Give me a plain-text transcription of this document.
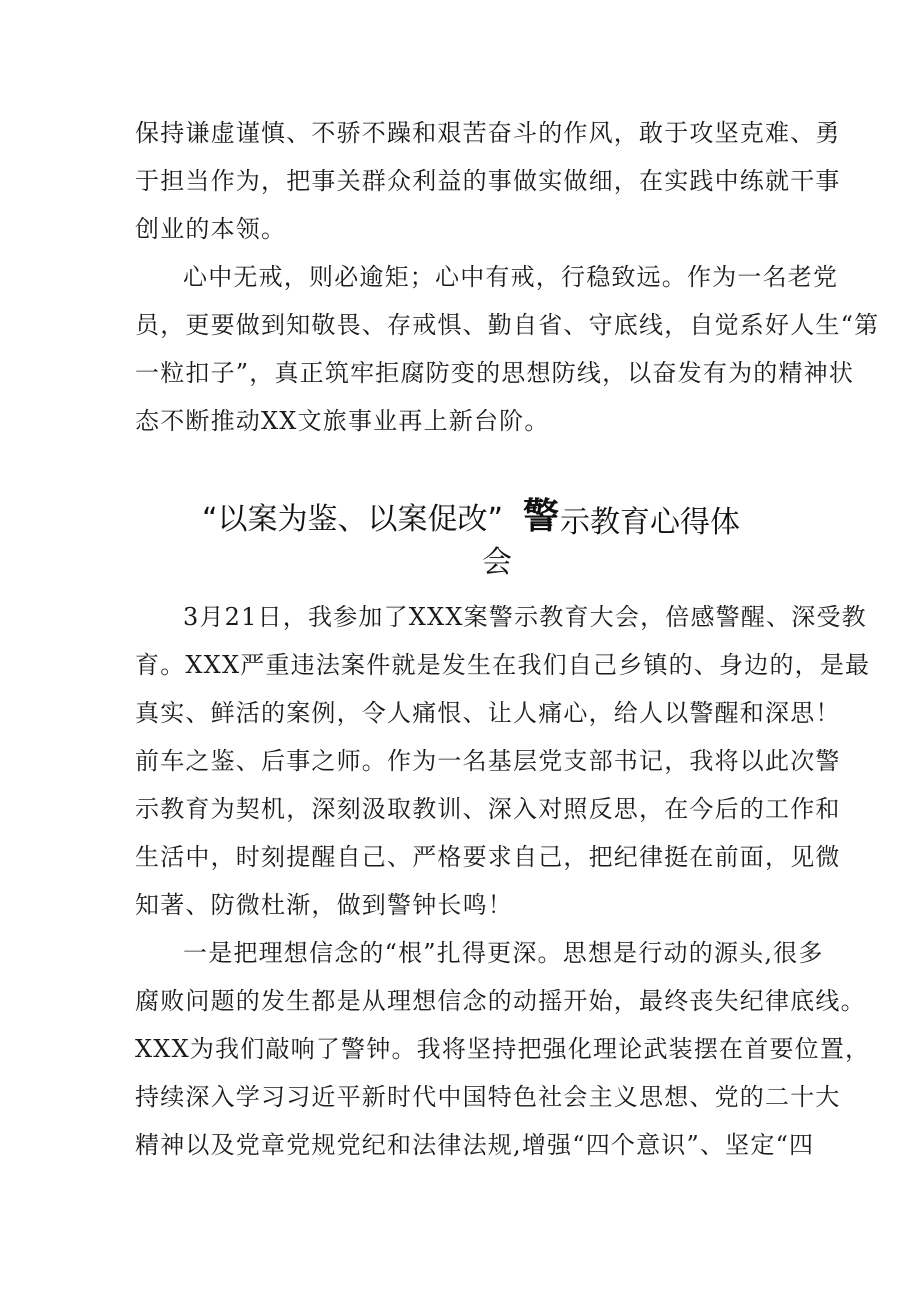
保持谦虚谨慎、不骄不躁和艰苦奋斗的作风，敢于攻坚克难、勇
于担当作为，把事关群众利益的事做实做细，在实践中练就干事
创业的本领。
心中无戒，则必逾矩；心中有戒，行稳致远。作为一名老党
员，更要做到知敬畏、存戒惧、勤自省、守底线，自觉系好人生“第
一粒扣子”，真正筑牢拒腐防变的思想防线，以奋发有为的精神状
态不断推动XX文旅事业再上新台阶。
“以案为鉴、以案促改” 警 示教育心得体
会
3月21日，我参加了XXX案警示教育大会，倍感警醒、深受教
育。XXX严重违法案件就是发生在我们自己乡镇的、身边的，是最
真实、鲜活的案例，令人痛恨、让人痛心，给人以警醒和深思！
前车之鉴、后事之师。作为一名基层党支部书记，我将以此次警
示教育为契机，深刻汲取教训、深入对照反思，在今后的工作和
生活中，时刻提醒自己、严格要求自己，把纪律挺在前面，见微
知著、防微杜渐，做到警钟长鸣！
一是把理想信念的“根”扎得更深。思想是行动的源头,很多
腐败问题的发生都是从理想信念的动摇开始，最终丧失纪律底线。
XXX为我们敲响了警钟。我将坚持把强化理论武装摆在首要位置，
持续深入学习习近平新时代中国特色社会主义思想、党的二十大
精神以及党章党规党纪和法律法规,增强“四个意识”、坚定“四
